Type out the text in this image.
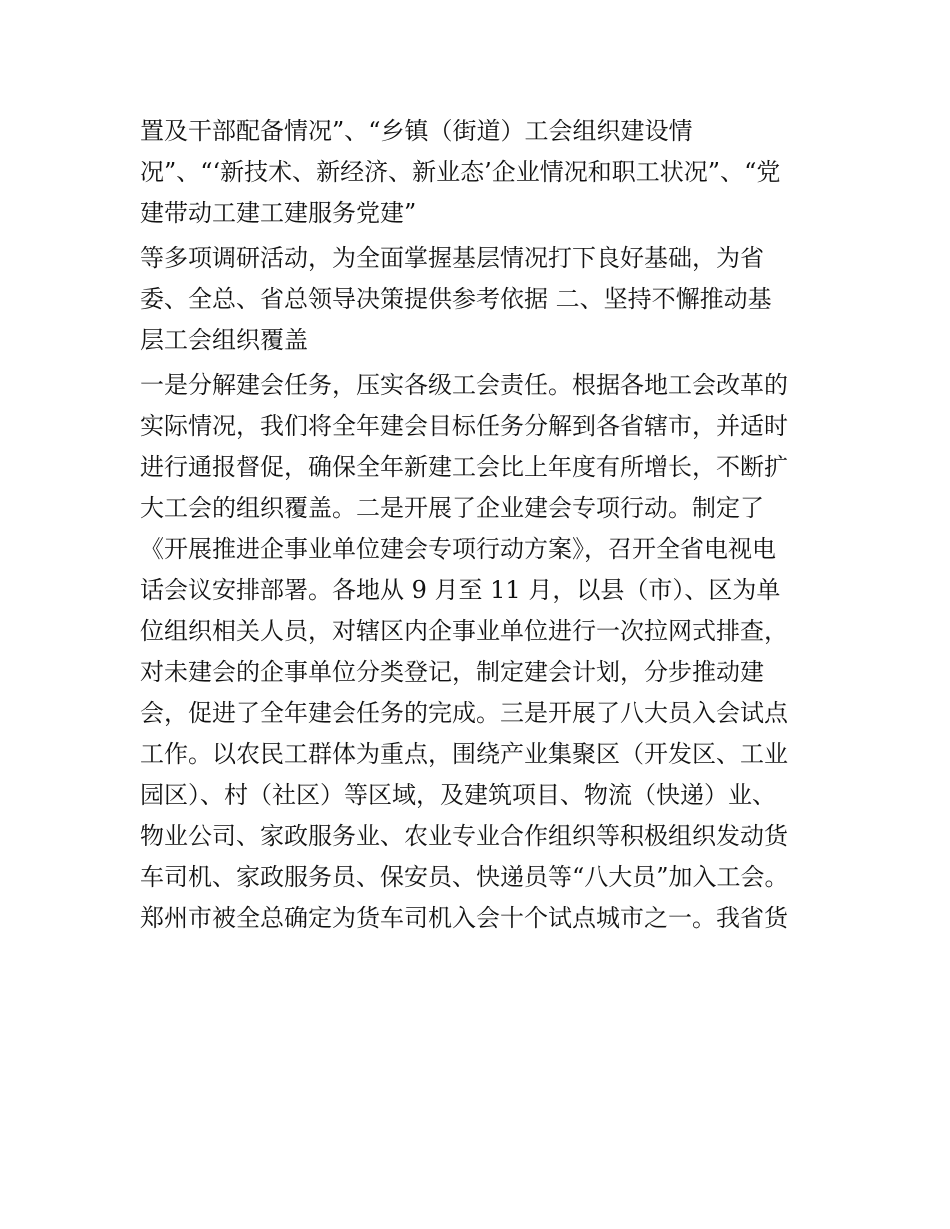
置及干部配备情况”、“乡镇（街道）工会组织建设情
况”、“‘新技术、新经济、新业态’企业情况和职工状况”、“党
建带动工建工建服务党建”
等多项调研活动，为全面掌握基层情况打下良好基础，为省
委、全总、省总领导决策提供参考依据 二、坚持不懈推动基
层工会组织覆盖
一是分解建会任务，压实各级工会责任。根据各地工会改革的
实际情况，我们将全年建会目标任务分解到各省辖市，并适时
进行通报督促，确保全年新建工会比上年度有所增长，不断扩
大工会的组织覆盖。二是开展了企业建会专项行动。制定了
《开展推进企事业单位建会专项行动方案》，召开全省电视电
话会议安排部署。各地从 9 月至 11 月，以县（市）、区为单
位组织相关人员，对辖区内企事业单位进行一次拉网式排查，
对未建会的企事单位分类登记，制定建会计划，分步推动建
会，促进了全年建会任务的完成。三是开展了八大员入会试点
工作。以农民工群体为重点，围绕产业集聚区（开发区、工业
园区）、村（社区）等区域，及建筑项目、物流（快递）业、
物业公司、家政服务业、农业专业合作组织等积极组织发动货
车司机、家政服务员、保安员、快递员等“八大员”加入工会。
郑州市被全总确定为货车司机入会十个试点城市之一。我省货
